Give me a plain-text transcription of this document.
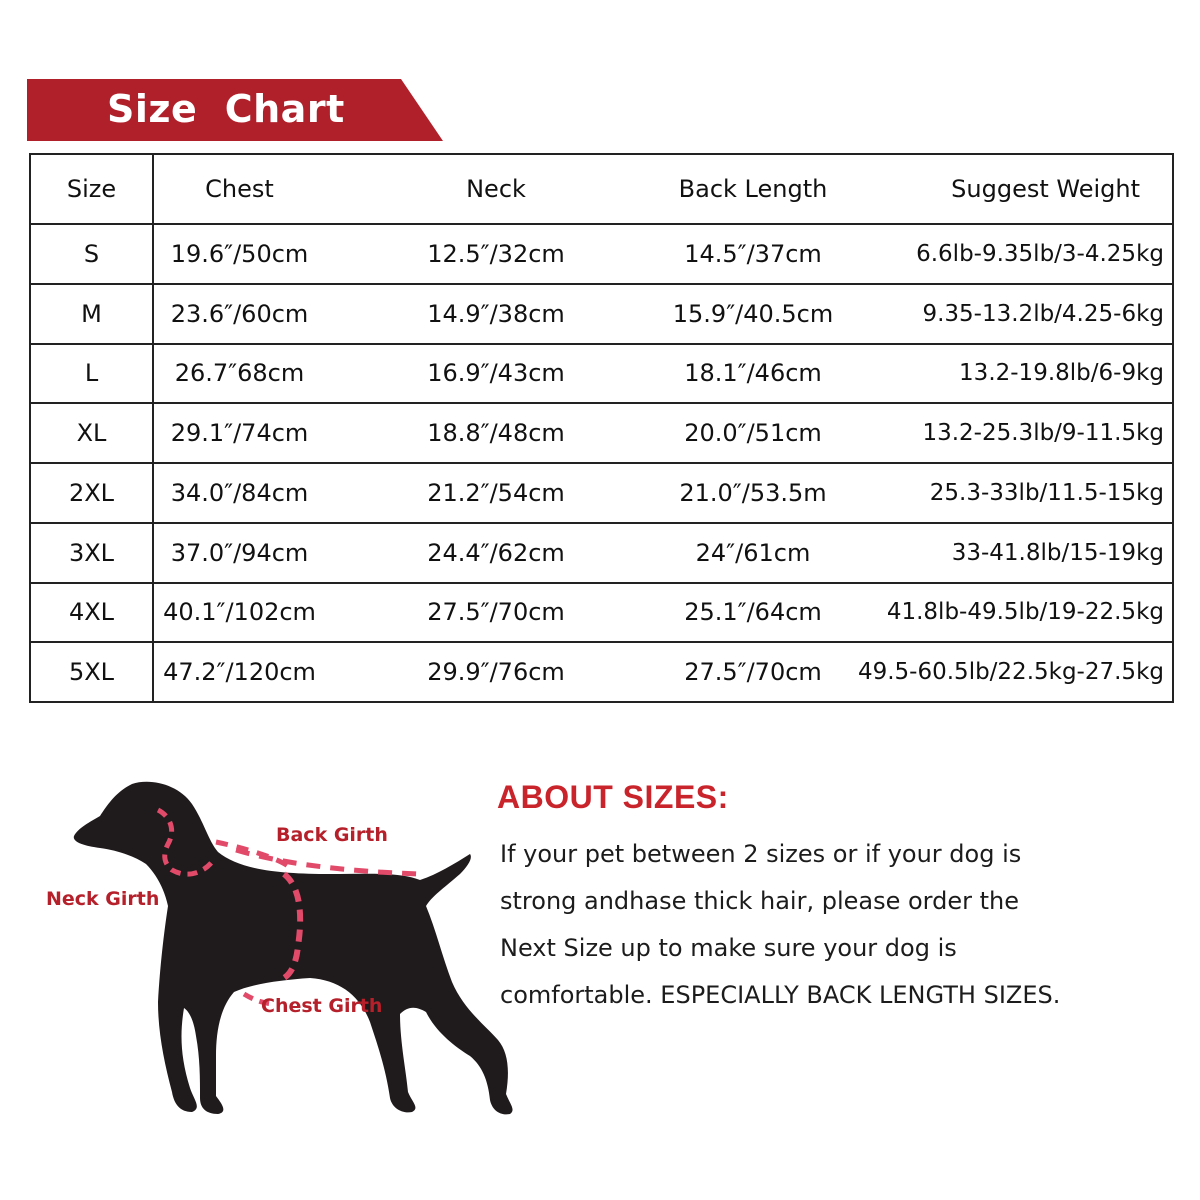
Size  Chart
Size	Chest	Neck	Back Length	Suggest Weight
S	19.6″/50cm	12.5″/32cm	14.5″/37cm	6.6lb-9.35lb/3-4.25kg
M	23.6″/60cm	14.9″/38cm	15.9″/40.5cm	9.35-13.2lb/4.25-6kg
L	26.7″68cm	16.9″/43cm	18.1″/46cm	13.2-19.8lb/6-9kg
XL	29.1″/74cm	18.8″/48cm	20.0″/51cm	13.2-25.3lb/9-11.5kg
2XL	34.0″/84cm	21.2″/54cm	21.0″/53.5m	25.3-33lb/11.5-15kg
3XL	37.0″/94cm	24.4″/62cm	24″/61cm	33-41.8lb/15-19kg
4XL	40.1″/102cm	27.5″/70cm	25.1″/64cm	41.8lb-49.5lb/19-22.5kg
5XL	47.2″/120cm	29.9″/76cm	27.5″/70cm	49.5-60.5lb/22.5kg-27.5kg
Back Girth
Neck Girth
Chest Girth
ABOUT SIZES:
If your pet between 2 sizes or if your dog is
strong andhase thick hair, please order the
Next Size up to make sure your dog is
comfortable. ESPECIALLY BACK LENGTH SIZES.
